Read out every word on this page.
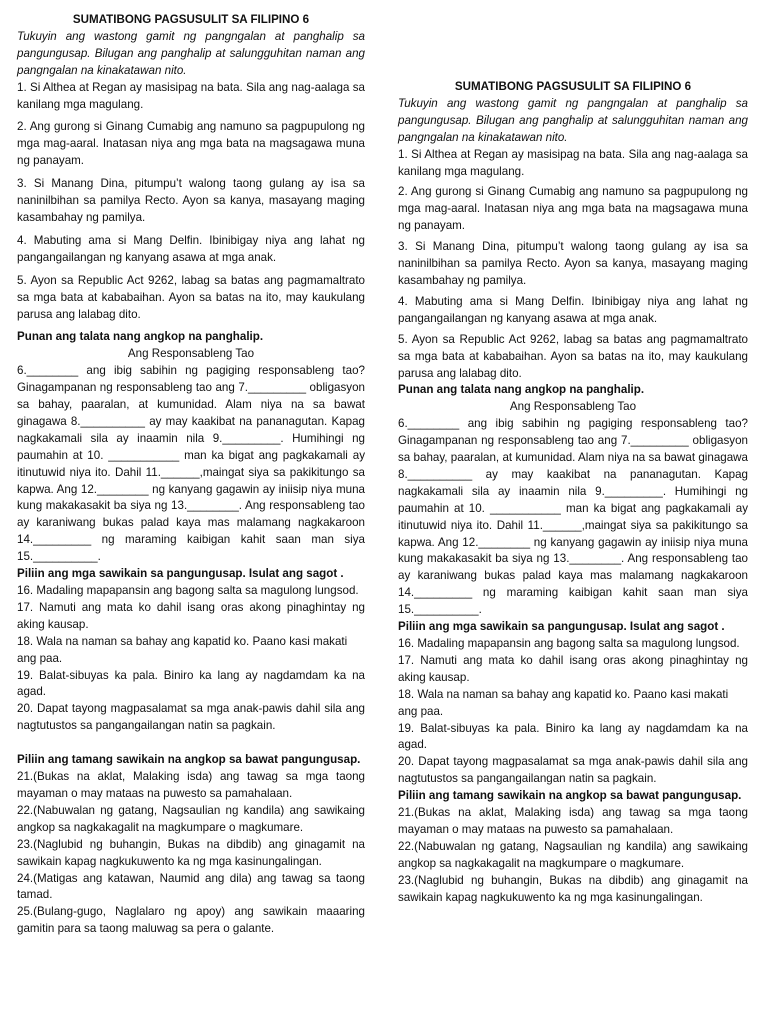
SUMATIBONG PAGSUSULIT SA FILIPINO 6
Tukuyin ang wastong gamit ng pangngalan at panghalip sa pangungusap. Bilugan ang panghalip at salungguhitan naman ang pangngalan na kinakatawan nito.
1. Si Althea at Regan ay masisipag na bata. Sila ang nag-aalaga sa kanilang mga magulang.
2. Ang gurong si Ginang Cumabig ang namuno sa pagpupulong ng mga mag-aaral. Inatasan niya ang mga bata na magsagawa muna ng panayam.
3. Si Manang Dina, pitumpu’t walong taong gulang ay isa sa naninilbihan sa pamilya Recto. Ayon sa kanya, masayang maging kasambahay ng pamilya.
4. Mabuting ama si Mang Delfin. Ibinibigay niya ang lahat ng pangangailangan ng kanyang asawa at mga anak.
5. Ayon sa Republic Act 9262, labag sa batas ang pagmamaltrato sa mga bata at kababaihan. Ayon sa batas na ito, may kaukulang parusa ang lalabag dito.
Punan ang talata nang angkop na panghalip.
Ang Responsableng Tao
6.________ ang ibig sabihin ng pagiging responsableng tao? Ginagampanan ng responsableng tao ang 7._________ obligasyon sa bahay, paaralan, at kumunidad. Alam niya na sa bawat ginagawa 8.__________ ay may kaakibat na pananagutan. Kapag nagkakamali sila ay inaamin nila 9._________. Humihingi ng paumahin at 10. ___________ man ka bigat ang pagkakamali ay itinutuwid niya ito. Dahil 11.______,maingat siya sa pakikitungo sa kapwa. Ang 12.________ ng kanyang gagawin ay iniisip niya muna kung makakasakit ba siya ng 13.________. Ang responsableng tao ay karaniwang bukas palad kaya mas malamang nagkakaroon 14._________ ng maraming kaibigan kahit saan man siya 15.__________.
Piliin ang mga sawikain sa pangungusap. Isulat ang sagot .
16. Madaling mapapansin ang bagong salta sa magulong lungsod.
17. Namuti ang mata ko dahil isang oras akong pinaghintay ng aking kausap.
18. Wala na naman sa bahay ang kapatid ko. Paano kasi makati
ang paa.
19. Balat-sibuyas ka pala. Biniro ka lang ay nagdamdam ka na agad.
20. Dapat tayong magpasalamat sa mga anak-pawis dahil sila ang nagtutustos sa pangangailangan natin sa pagkain.
Piliin ang tamang sawikain na angkop sa bawat pangungusap.
21.(Bukas na aklat, Malaking isda) ang tawag sa mga taong mayaman o may mataas na puwesto sa pamahalaan.
22.(Nabuwalan ng gatang, Nagsaulian ng kandila) ang sawikaing angkop sa nagkakagalit na magkumpare o magkumare.
23.(Naglubid ng buhangin, Bukas na dibdib) ang ginagamit na sawikain kapag nagkukuwento ka ng mga kasinungalingan.
24.(Matigas ang katawan, Naumid ang dila) ang tawag sa taong tamad.
25.(Bulang-gugo, Naglalaro ng apoy) ang sawikain maaaring gamitin para sa taong maluwag sa pera o galante.
SUMATIBONG PAGSUSULIT SA FILIPINO 6
Tukuyin ang wastong gamit ng pangngalan at panghalip sa pangungusap. Bilugan ang panghalip at salungguhitan naman ang pangngalan na kinakatawan nito.
1. Si Althea at Regan ay masisipag na bata. Sila ang nag-aalaga sa kanilang mga magulang.
2. Ang gurong si Ginang Cumabig ang namuno sa pagpupulong ng mga mag-aaral. Inatasan niya ang mga bata na magsagawa muna ng panayam.
3. Si Manang Dina, pitumpu’t walong taong gulang ay isa sa naninilbihan sa pamilya Recto. Ayon sa kanya, masayang maging kasambahay ng pamilya.
4. Mabuting ama si Mang Delfin. Ibinibigay niya ang lahat ng pangangailangan ng kanyang asawa at mga anak.
5. Ayon sa Republic Act 9262, labag sa batas ang pagmamaltrato sa mga bata at kababaihan. Ayon sa batas na ito, may kaukulang parusa ang lalabag dito.
Punan ang talata nang angkop na panghalip.
Ang Responsableng Tao
6.________ ang ibig sabihin ng pagiging responsableng tao? Ginagampanan ng responsableng tao ang 7._________ obligasyon sa bahay, paaralan, at kumunidad. Alam niya na sa bawat ginagawa 8.__________ ay may kaakibat na pananagutan. Kapag nagkakamali sila ay inaamin nila 9._________. Humihingi ng paumahin at 10. ___________ man ka bigat ang pagkakamali ay itinutuwid niya ito. Dahil 11.______,maingat siya sa pakikitungo sa kapwa. Ang 12.________ ng kanyang gagawin ay iniisip niya muna kung makakasakit ba siya ng 13.________. Ang responsableng tao ay karaniwang bukas palad kaya mas malamang nagkakaroon 14._________ ng maraming kaibigan kahit saan man siya 15.__________.
Piliin ang mga sawikain sa pangungusap. Isulat ang sagot .
16. Madaling mapapansin ang bagong salta sa magulong lungsod.
17. Namuti ang mata ko dahil isang oras akong pinaghintay ng aking kausap.
18. Wala na naman sa bahay ang kapatid ko. Paano kasi makati
ang paa.
19. Balat-sibuyas ka pala. Biniro ka lang ay nagdamdam ka na agad.
20. Dapat tayong magpasalamat sa mga anak-pawis dahil sila ang nagtutustos sa pangangailangan natin sa pagkain.
Piliin ang tamang sawikain na angkop sa bawat pangungusap.
21.(Bukas na aklat, Malaking isda) ang tawag sa mga taong mayaman o may mataas na puwesto sa pamahalaan.
22.(Nabuwalan ng gatang, Nagsaulian ng kandila) ang sawikaing angkop sa nagkakagalit na magkumpare o magkumare.
23.(Naglubid ng buhangin, Bukas na dibdib) ang ginagamit na sawikain kapag nagkukuwento ka ng mga kasinungalingan.
